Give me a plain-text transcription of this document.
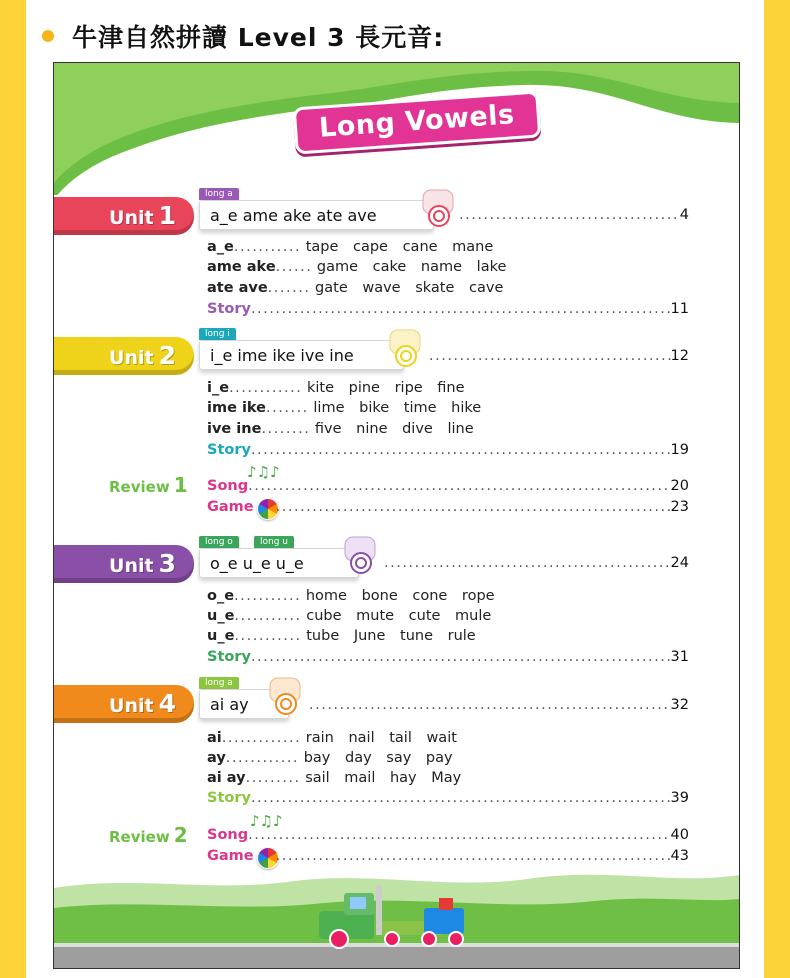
牛津自然拼讀 Level 3 長元音:
Long Vowels
Unit 1
long a
a_e ame ake ate ave .....	4
a_e........... tape cape cane mane
ame ake...... game cake name lake
ate ave....... gate wave skate cave
Story .....	11
Unit 2
long i
i_e ime ike ive ine .....	12
i_e............ kite pine ripe fine
ime ike....... lime bike time hike
ive ine........ five nine dive line
Story .....	19
Review 1
♪♫♪
Song .....	20
Game .....	23
Unit 3
long o	long u
o_e u_e u_e .....	24
o_e........... home bone cone rope
u_e........... cube mute cute mule
u_e........... tube June tune rule
Story .....	31
Unit 4
long a
ai ay .....	32
ai............. rain nail tail wait
ay............ bay day say pay
ai ay......... sail mail hay May
Story .....	39
Review 2
♪♫♪
Song .....	40
Game .....	43
